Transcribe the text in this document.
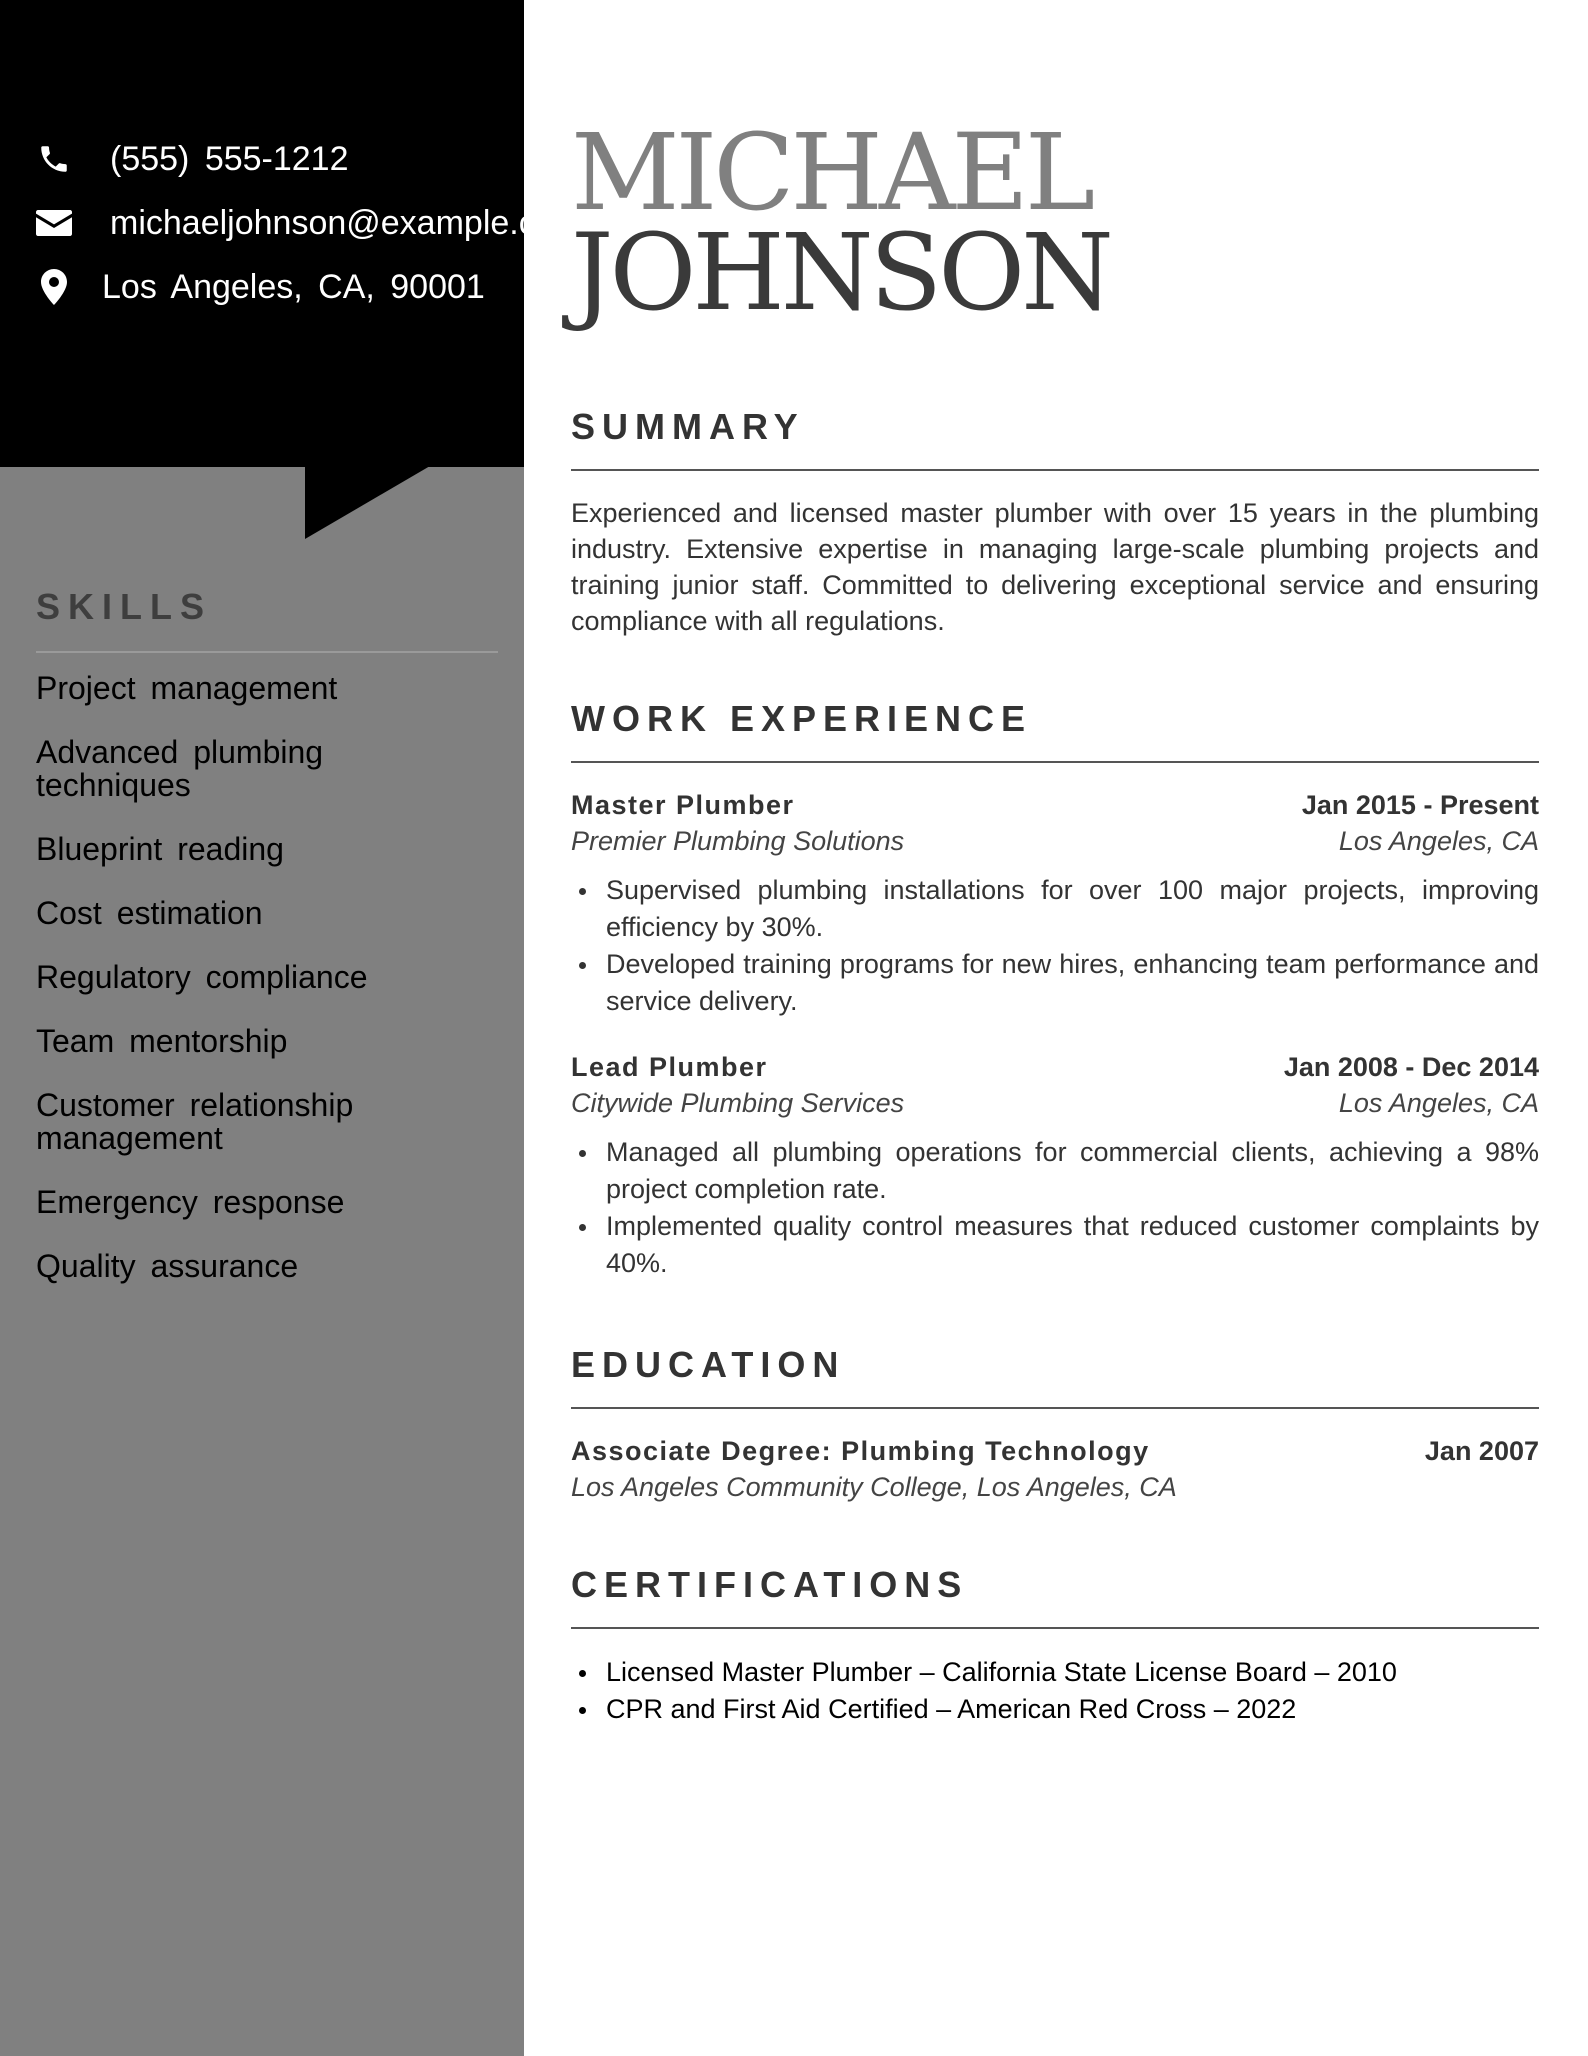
(555) 555-1212
michaeljohnson@example.com
Los Angeles, CA, 90001
SKILLS
Project management
Advanced plumbing techniques
Blueprint reading
Cost estimation
Regulatory compliance
Team mentorship
Customer relationship management
Emergency response
Quality assurance
MICHAEL
JOHNSON
SUMMARY

Experienced and licensed master plumber with over 15 years in the plumbing industry. Extensive expertise in managing large-scale plumbing projects and training junior staff. Committed to delivering exceptional service and ensuring compliance with all regulations.

WORK EXPERIENCE
Master Plumber	Jan 2015 - Present
Premier Plumbing Solutions	Los Angeles, CA
Supervised plumbing installations for over 100 major projects, improving efficiency by 30%.
Developed training programs for new hires, enhancing team performance and service delivery.
Lead Plumber	Jan 2008 - Dec 2014
Citywide Plumbing Services	Los Angeles, CA
Managed all plumbing operations for commercial clients, achieving a 98% project completion rate.
Implemented quality control measures that reduced customer complaints by 40%.
EDUCATION
Associate Degree: Plumbing Technology	Jan 2007
Los Angeles Community College, Los Angeles, CA
CERTIFICATIONS
Licensed Master Plumber – California State License Board – 2010
CPR and First Aid Certified – American Red Cross – 2022
